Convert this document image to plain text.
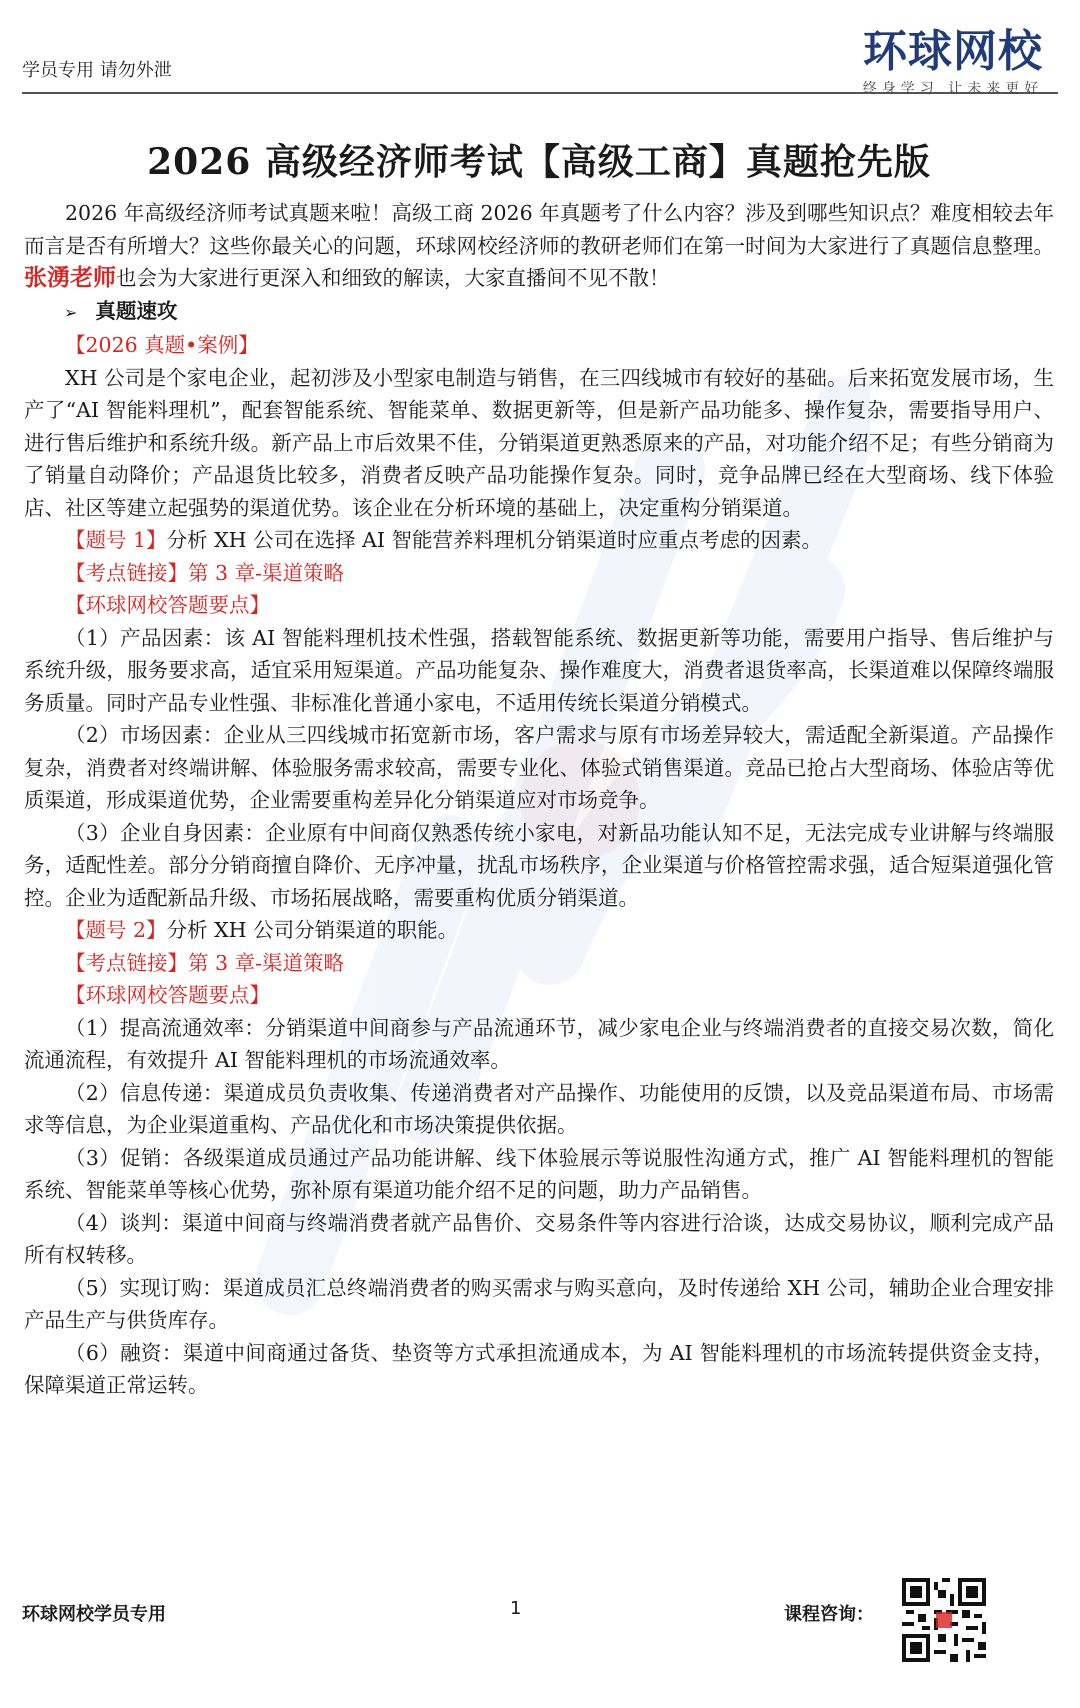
学员专用 请勿外泄	环球网校
终身学习 让未来更好
2026 高级经济师考试【高级工商】真题抢先版

2026 年高级经济师考试真题来啦！高级工商 2026 年真题考了什么内容？涉及到哪些知识点？难度相较去年而言是否有所增大？这些你最关心的问题，环球网校经济师的教研老师们在第一时间为大家进行了真题信息整理。张湧老师也会为大家进行更深入和细致的解读，大家直播间不见不散！

➢ 真题速攻

【2026 真题•案例】

XH 公司是个家电企业，起初涉及小型家电制造与销售，在三四线城市有较好的基础。后来拓宽发展市场，生产了“AI 智能料理机”，配套智能系统、智能菜单、数据更新等，但是新产品功能多、操作复杂，需要指导用户、进行售后维护和系统升级。新产品上市后效果不佳，分销渠道更熟悉原来的产品，对功能介绍不足；有些分销商为了销量自动降价；产品退货比较多，消费者反映产品功能操作复杂。同时，竞争品牌已经在大型商场、线下体验店、社区等建立起强势的渠道优势。该企业在分析环境的基础上，决定重构分销渠道。

【题号 1】分析 XH 公司在选择 AI 智能营养料理机分销渠道时应重点考虑的因素。

【考点链接】第 3 章-渠道策略

【环球网校答题要点】

（1）产品因素：该 AI 智能料理机技术性强，搭载智能系统、数据更新等功能，需要用户指导、售后维护与系统升级，服务要求高，适宜采用短渠道。产品功能复杂、操作难度大，消费者退货率高，长渠道难以保障终端服务质量。同时产品专业性强、非标准化普通小家电，不适用传统长渠道分销模式。

（2）市场因素：企业从三四线城市拓宽新市场，客户需求与原有市场差异较大，需适配全新渠道。产品操作复杂，消费者对终端讲解、体验服务需求较高，需要专业化、体验式销售渠道。竞品已抢占大型商场、体验店等优质渠道，形成渠道优势，企业需要重构差异化分销渠道应对市场竞争。

（3）企业自身因素：企业原有中间商仅熟悉传统小家电，对新品功能认知不足，无法完成专业讲解与终端服务，适配性差。部分分销商擅自降价、无序冲量，扰乱市场秩序，企业渠道与价格管控需求强，适合短渠道强化管控。企业为适配新品升级、市场拓展战略，需要重构优质分销渠道。

【题号 2】分析 XH 公司分销渠道的职能。

【考点链接】第 3 章-渠道策略

【环球网校答题要点】

（1）提高流通效率：分销渠道中间商参与产品流通环节，减少家电企业与终端消费者的直接交易次数，简化流通流程，有效提升 AI 智能料理机的市场流通效率。

（2）信息传递：渠道成员负责收集、传递消费者对产品操作、功能使用的反馈，以及竞品渠道布局、市场需求等信息，为企业渠道重构、产品优化和市场决策提供依据。

（3）促销：各级渠道成员通过产品功能讲解、线下体验展示等说服性沟通方式，推广 AI 智能料理机的智能系统、智能菜单等核心优势，弥补原有渠道功能介绍不足的问题，助力产品销售。

（4）谈判：渠道中间商与终端消费者就产品售价、交易条件等内容进行洽谈，达成交易协议，顺利完成产品所有权转移。

（5）实现订购：渠道成员汇总终端消费者的购买需求与购买意向，及时传递给 XH 公司，辅助企业合理安排产品生产与供货库存。

（6）融资：渠道中间商通过备货、垫资等方式承担流通成本，为 AI 智能料理机的市场流转提供资金支持，保障渠道正常运转。

环球网校学员专用	1	课程咨询：
